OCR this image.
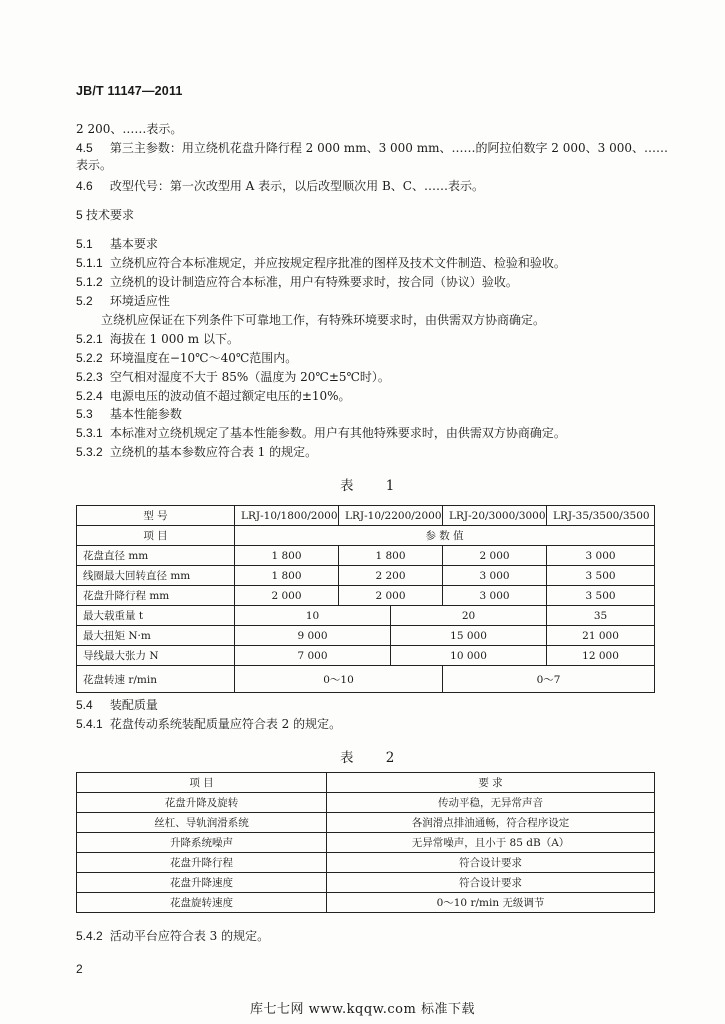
JB/T 11147—2011
2 200、……表示。
4.5 第三主参数：用立绕机花盘升降行程 2 000 mm、3 000 mm、……的阿拉伯数字 2 000、3 000、……
表示。
4.6 改型代号：第一次改型用 A 表示，以后改型顺次用 B、C、……表示。
5 技术要求
5.1 基本要求
5.1.1 立绕机应符合本标准规定，并应按规定程序批准的图样及技术文件制造、检验和验收。
5.1.2 立绕机的设计制造应符合本标准，用户有特殊要求时，按合同（协议）验收。
5.2 环境适应性
立绕机应保证在下列条件下可靠地工作，有特殊环境要求时，由供需双方协商确定。
5.2.1 海拔在 1 000 m 以下。
5.2.2 环境温度在−10℃～40℃范围内。
5.2.3 空气相对湿度不大于 85%（温度为 20℃±5℃时）。
5.2.4 电源电压的波动值不超过额定电压的±10%。
5.3 基本性能参数
5.3.1 本标准对立绕机规定了基本性能参数。用户有其他特殊要求时，由供需双方协商确定。
5.3.2 立绕机的基本参数应符合表 1 的规定。
表 1
型 号	LRJ-10/1800/2000	LRJ-10/2200/2000		LRJ-20/3000/3000	LRJ-35/3500/3500
项 目	参 数 值				
花盘直径 mm	1 800	1 800		2 000	3 000
线圈最大回转直径 mm	1 800	2 200		3 000	3 500
花盘升降行程 mm	2 000	2 000		3 000	3 500
最大载重量 t	10		20		35
最大扭矩 N·m	9 000		15 000		21 000
导线最大张力 N	7 000		10 000		12 000
花盘转速 r/min	0～10			0～7	
5.4 装配质量
5.4.1 花盘传动系统装配质量应符合表 2 的规定。
表 2
项 目	要 求
花盘升降及旋转	传动平稳，无异常声音
丝杠、导轨润滑系统	各润滑点排油通畅，符合程序设定
升降系统噪声	无异常噪声，且小于 85 dB（A）
花盘升降行程	符合设计要求
花盘升降速度	符合设计要求
花盘旋转速度	0～10 r/min 无级调节
5.4.2 活动平台应符合表 3 的规定。
2
库七七网 www.kqqw.com 标准下载
